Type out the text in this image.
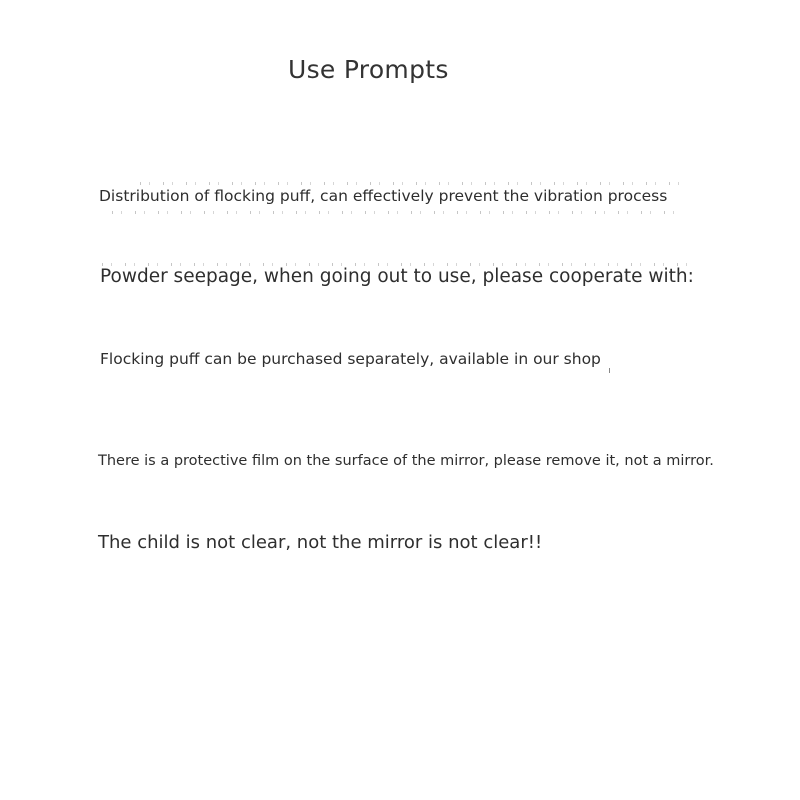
Use Prompts
Distribution of flocking puff, can effectively prevent the vibration process
Powder seepage, when going out to use, please cooperate with:
Flocking puff can be purchased separately, available in our shop
There is a protective film on the surface of the mirror, please remove it, not a mirror.
The child is not clear, not the mirror is not clear!!
